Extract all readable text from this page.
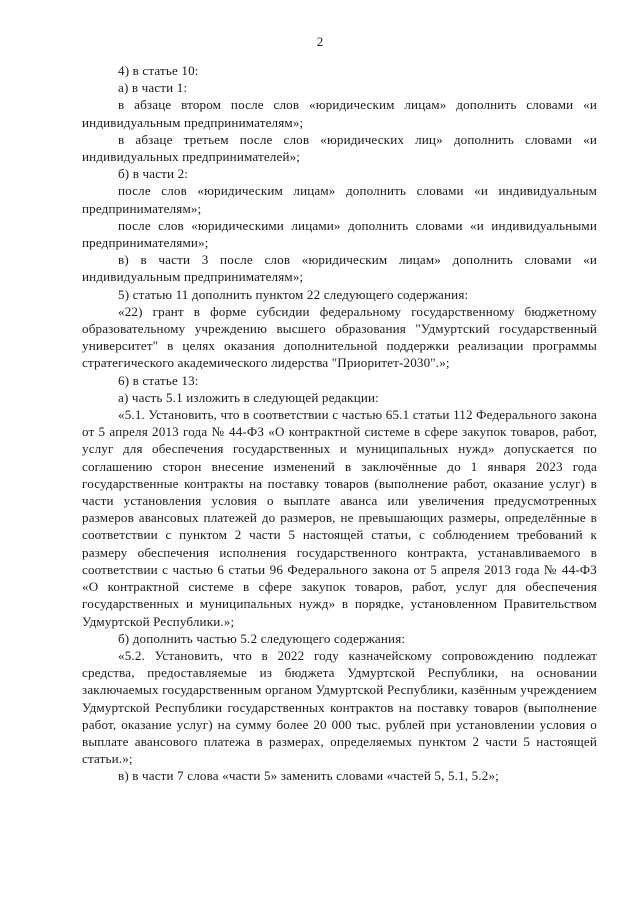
2

4) в статье 10:

а) в части 1:

в абзаце втором после слов «юридическим лицам» дополнить словами «и индивидуальным предпринимателям»;

в абзаце третьем после слов «юридических лиц» дополнить словами «и индивидуальных предпринимателей»;

б) в части 2:

после слов «юридическим лицам» дополнить словами «и индивидуальным предпринимателям»;

после слов «юридическими лицами» дополнить словами «и индивидуальными предпринимателями»;

в) в части 3 после слов «юридическим лицам» дополнить словами «и индивидуальным предпринимателям»;

5) статью 11 дополнить пунктом 22 следующего содержания:

«22) грант в форме субсидии федеральному государственному бюджетному образовательному учреждению высшего образования "Удмуртский государственный университет" в целях оказания дополнительной поддержки реализации программы стратегического академического лидерства "Приоритет-2030".»;

6) в статье 13:

а) часть 5.1 изложить в следующей редакции:

«5.1. Установить, что в соответствии с частью 65.1 статьи 112 Федерального закона от 5 апреля 2013 года № 44-ФЗ «О контрактной системе в сфере закупок товаров, работ, услуг для обеспечения государственных и муниципальных нужд» допускается по соглашению сторон внесение изменений в заключённые до 1 января 2023 года государственные контракты на поставку товаров (выполнение работ, оказание услуг) в части установления условия о выплате аванса или увеличения предусмотренных размеров авансовых платежей до размеров, не превышающих размеры, определённые в соответствии с пунктом 2 части 5 настоящей статьи, с соблюдением требований к размеру обеспечения исполнения государственного контракта, устанавливаемого в соответствии с частью 6 статьи 96 Федерального закона от 5 апреля 2013 года № 44-ФЗ «О контрактной системе в сфере закупок товаров, работ, услуг для обеспечения государственных и муниципальных нужд» в порядке, установленном Правительством Удмуртской Республики.»;

б) дополнить частью 5.2 следующего содержания:

«5.2. Установить, что в 2022 году казначейскому сопровождению подлежат средства, предоставляемые из бюджета Удмуртской Республики, на основании заключаемых государственным органом Удмуртской Республики, казённым учреждением Удмуртской Республики государственных контрактов на поставку товаров (выполнение работ, оказание услуг) на сумму более 20 000 тыс. рублей при установлении условия о выплате авансового платежа в размерах, определяемых пунктом 2 части 5 настоящей статьи.»;

в) в части 7 слова «части 5» заменить словами «частей 5, 5.1, 5.2»;
